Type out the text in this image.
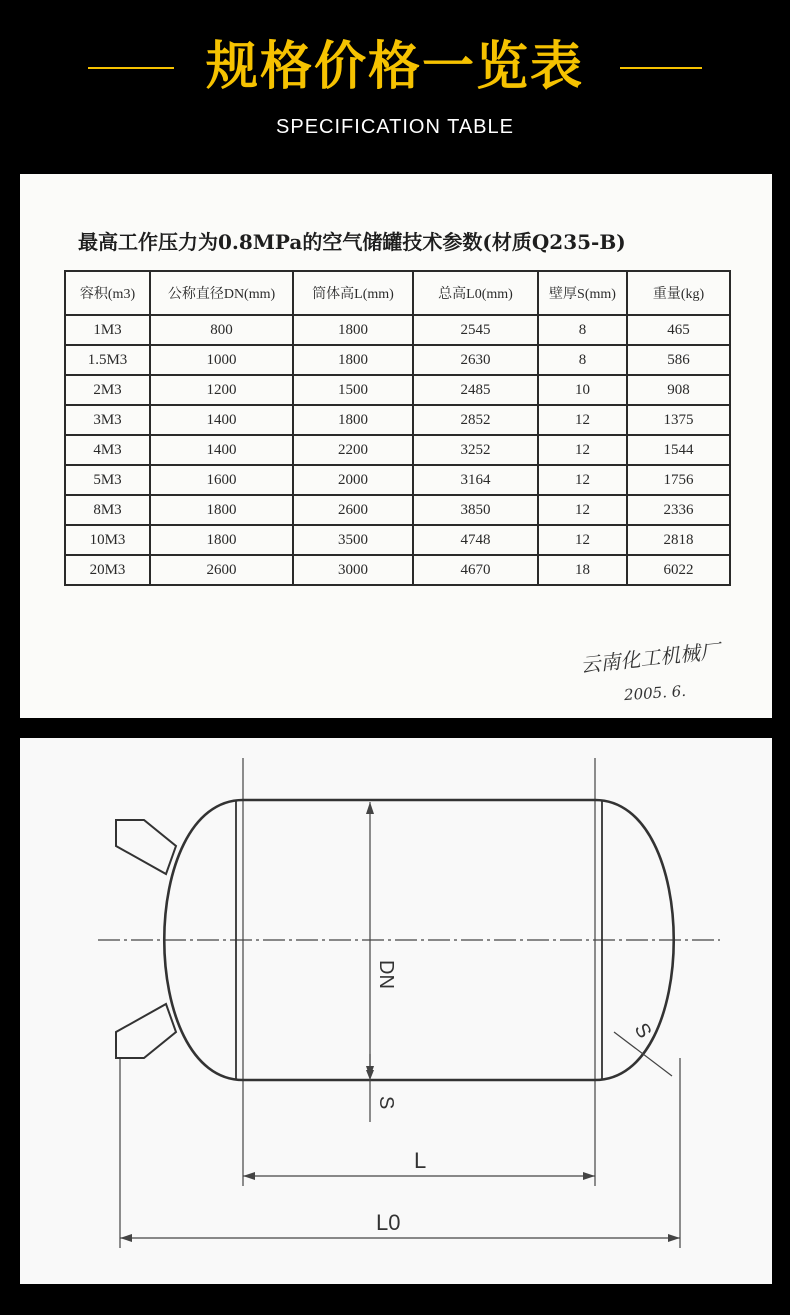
规格价格一览表
SPECIFICATION TABLE
最高工作压力为0.8MPa的空气储罐技术参数(材质Q235-B)
容积(m3)	公称直径DN(mm)	筒体高L(mm)	总高L0(mm)	壁厚S(mm)	重量(kg)
1M3	800	1800	2545	8	465
1.5M3	1000	1800	2630	8	586
2M3	1200	1500	2485	10	908
3M3	1400	1800	2852	12	1375
4M3	1400	2200	3252	12	1544
5M3	1600	2000	3164	12	1756
8M3	1800	2600	3850	12	2336
10M3	1800	3500	4748	12	2818
20M3	2600	3000	4670	18	6022
云南化工机械厂
2005. 6.
DN
S
S
L
L0
